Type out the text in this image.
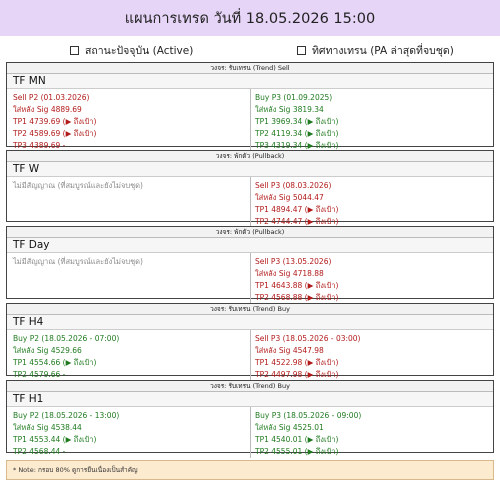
แผนการเทรด วันที่ 18.05.2026 15:00
สถานะปัจจุบัน (Active)	ทิศทางเทรน (PA ล่าสุดที่จบชุด)
วงจร: รับเทรน (Trend) Sell
TF MN
Sell P2 (01.03.2026)
ใส่หลัง Sig 4889.69
TP1 4739.69 (▶ ถึงเป้า)
TP2 4589.69 (▶ ถึงเป้า)
TP3 4389.69 -
Buy P3 (01.09.2025)
ใส่หลัง Sig 3819.34
TP1 3969.34 (▶ ถึงเป้า)
TP2 4119.34 (▶ ถึงเป้า)
TP3 4319.34 (▶ ถึงเป้า)
วงจร: พักตัว (Pullback)
TF W
ไม่มีสัญญาณ (ที่สมบูรณ์และยังไม่จบชุด)	Sell P3 (08.03.2026)
ใส่หลัง Sig 5044.47
TP1 4894.47 (▶ ถึงเป้า)
TP2 4744.47 (▶ ถึงเป้า)
วงจร: พักตัว (Pullback)
TF Day
ไม่มีสัญญาณ (ที่สมบูรณ์และยังไม่จบชุด)	Sell P3 (13.05.2026)
ใส่หลัง Sig 4718.88
TP1 4643.88 (▶ ถึงเป้า)
TP2 4568.88 (▶ ถึงเป้า)
วงจร: รับเทรน (Trend) Buy
TF H4
Buy P2 (18.05.2026 - 07:00)
ใส่หลัง Sig 4529.66
TP1 4554.66 (▶ ถึงเป้า)
TP2 4579.66 -
Sell P3 (18.05.2026 - 03:00)
ใส่หลัง Sig 4547.98
TP1 4522.98 (▶ ถึงเป้า)
TP2 4497.98 (▶ ถึงเป้า)
วงจร: รับเทรน (Trend) Buy
TF H1
Buy P2 (18.05.2026 - 13:00)
ใส่หลัง Sig 4538.44
TP1 4553.44 (▶ ถึงเป้า)
TP2 4568.44 -
Buy P3 (18.05.2026 - 09:00)
ใส่หลัง Sig 4525.01
TP1 4540.01 (▶ ถึงเป้า)
TP2 4555.01 (▶ ถึงเป้า)
* Note: กรอบ 80% ดูการยืนเนื่องเป็นสำคัญ
